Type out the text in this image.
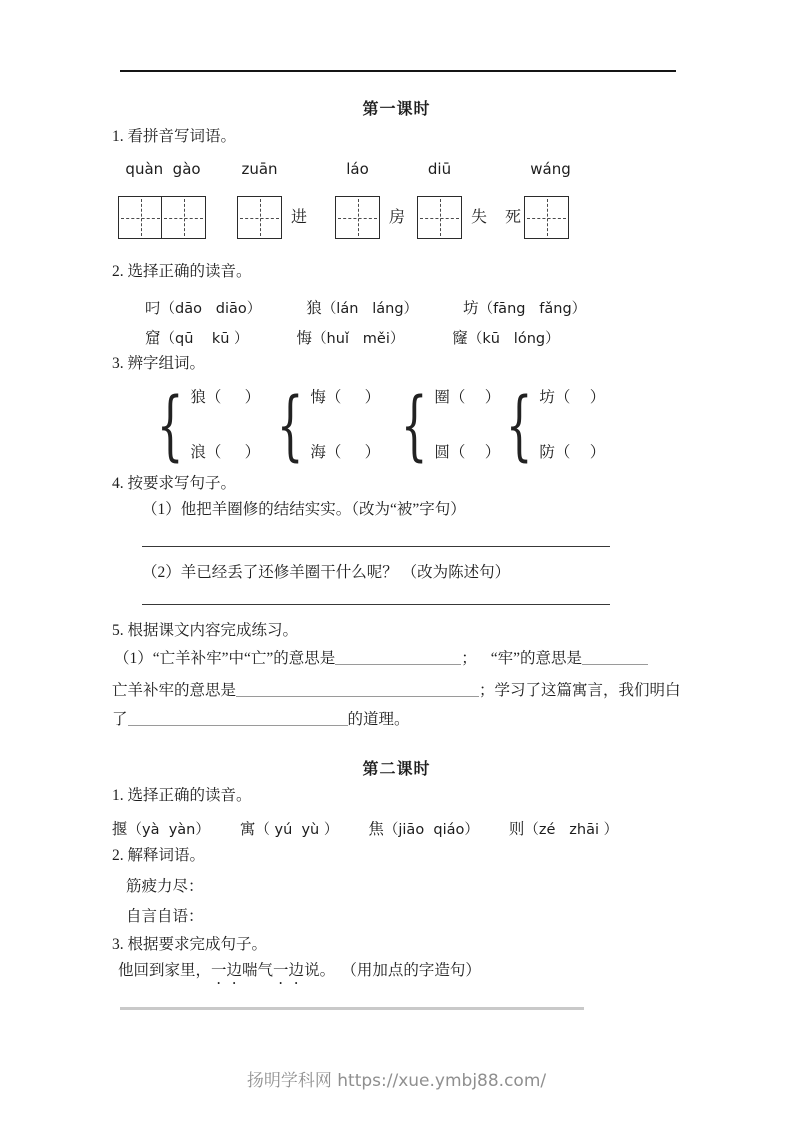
第一课时
1. 看拼音写词语。
quàn  gào	zuān
进
láo
房
diū
失
wáng
死
2. 选择正确的读音。
叼 （dāo   diāo）	狼 （lán   láng）	坊 （fāng   fǎng）
窟 （qū    kū ）	悔 （huǐ   měi）	窿 （kū   lóng）
3. 辨字组词。
{
狼（      ）
浪（      ）
{
悔（      ）
海（      ）
{
圈（     ）
圆（     ）
{
坊（     ）
防（     ）
4. 按要求写句子。
（1）他把羊圈修的结结实实。（改为“被”字句）
（2）羊已经丢了还修羊圈干什么呢？ （改为陈述句）
5. 根据课文内容完成练习。
（1）“亡羊补牢”中“亡”的意思是	； “牢”的意思是
亡羊补牢的意思是	；学习了这篇寓言，我们明白
了	的道理。
第二课时
1. 选择正确的读音。
揠 （yà  yàn） 寓 （ yú  yù ） 焦 （jiāo  qiáo） 则 （zé   zhāi ）
2. 解释词语。
筋疲力尽：
自言自语：
3. 根据要求完成句子。
他回到家里，一边喘气一边说。 （用加点的字造句）
扬明学科网 https://xue.ymbj88.com/
